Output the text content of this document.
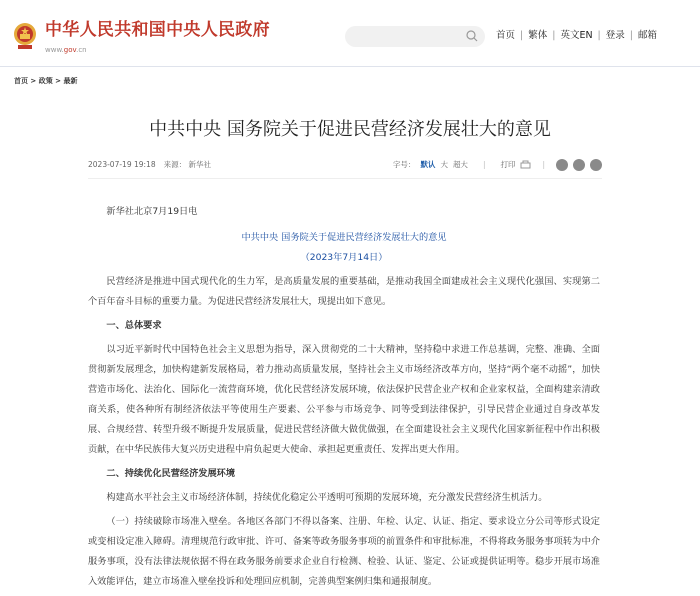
中华人民共和国中央人民政府
www.gov.cn
首页 | 繁体 | 英文EN | 登录 | 邮箱
首页 > 政策 > 最新
中共中央 国务院关于促进民营经济发展壮大的意见
2023-07-19 19:18 来源： 新华社	字号： 默认 大 超大 | 打印	|

新华社北京7月19日电

中共中央 国务院关于促进民营经济发展壮大的意见

（2023年7月14日）

民营经济是推进中国式现代化的生力军，是高质量发展的重要基础，是推动我国全面建成社会主义现代化强国、实现第二个百年奋斗目标的重要力量。为促进民营经济发展壮大，现提出如下意见。

一、总体要求

以习近平新时代中国特色社会主义思想为指导，深入贯彻党的二十大精神，坚持稳中求进工作总基调，完整、准确、全面贯彻新发展理念，加快构建新发展格局，着力推动高质量发展，坚持社会主义市场经济改革方向，坚持“两个毫不动摇”，加快营造市场化、法治化、国际化一流营商环境，优化民营经济发展环境，依法保护民营企业产权和企业家权益，全面构建亲清政商关系，使各种所有制经济依法平等使用生产要素、公平参与市场竞争、同等受到法律保护，引导民营企业通过自身改革发展、合规经营、转型升级不断提升发展质量，促进民营经济做大做优做强，在全面建设社会主义现代化国家新征程中作出积极贡献，在中华民族伟大复兴历史进程中肩负起更大使命、承担起更重责任、发挥出更大作用。

二、持续优化民营经济发展环境

构建高水平社会主义市场经济体制，持续优化稳定公平透明可预期的发展环境，充分激发民营经济生机活力。

（一）持续破除市场准入壁垒。各地区各部门不得以备案、注册、年检、认定、认证、指定、要求设立分公司等形式设定或变相设定准入障碍。清理规范行政审批、许可、备案等政务服务事项的前置条件和审批标准，不得将政务服务事项转为中介服务事项，没有法律法规依据不得在政务服务前要求企业自行检测、检验、认证、鉴定、公证或提供证明等。稳步开展市场准入效能评估，建立市场准入壁垒投诉和处理回应机制，完善典型案例归集和通报制度。
